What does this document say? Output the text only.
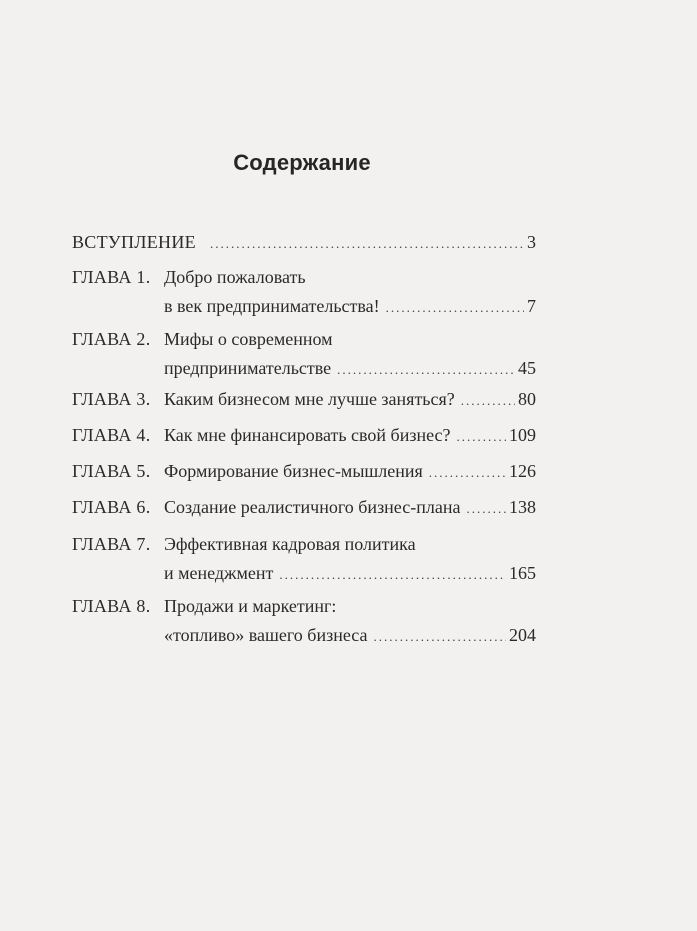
Содержание
ВСТУПЛЕНИЕ .....	3
ГЛАВА 1. Добро пожаловать
в век предпринимательства! .....	7
ГЛАВА 2. Мифы о современном
предпринимательстве .....	45
ГЛАВА 3. Каким бизнесом мне лучше заняться? .....	80
ГЛАВА 4. Как мне финансировать свой бизнес? .....	109
ГЛАВА 5. Формирование бизнес-мышления .....	126
ГЛАВА 6. Создание реалистичного бизнес-плана .....	138
ГЛАВА 7. Эффективная кадровая политика
и менеджмент .....	165
ГЛАВА 8. Продажи и маркетинг:
«топливо» вашего бизнеса .....	204
